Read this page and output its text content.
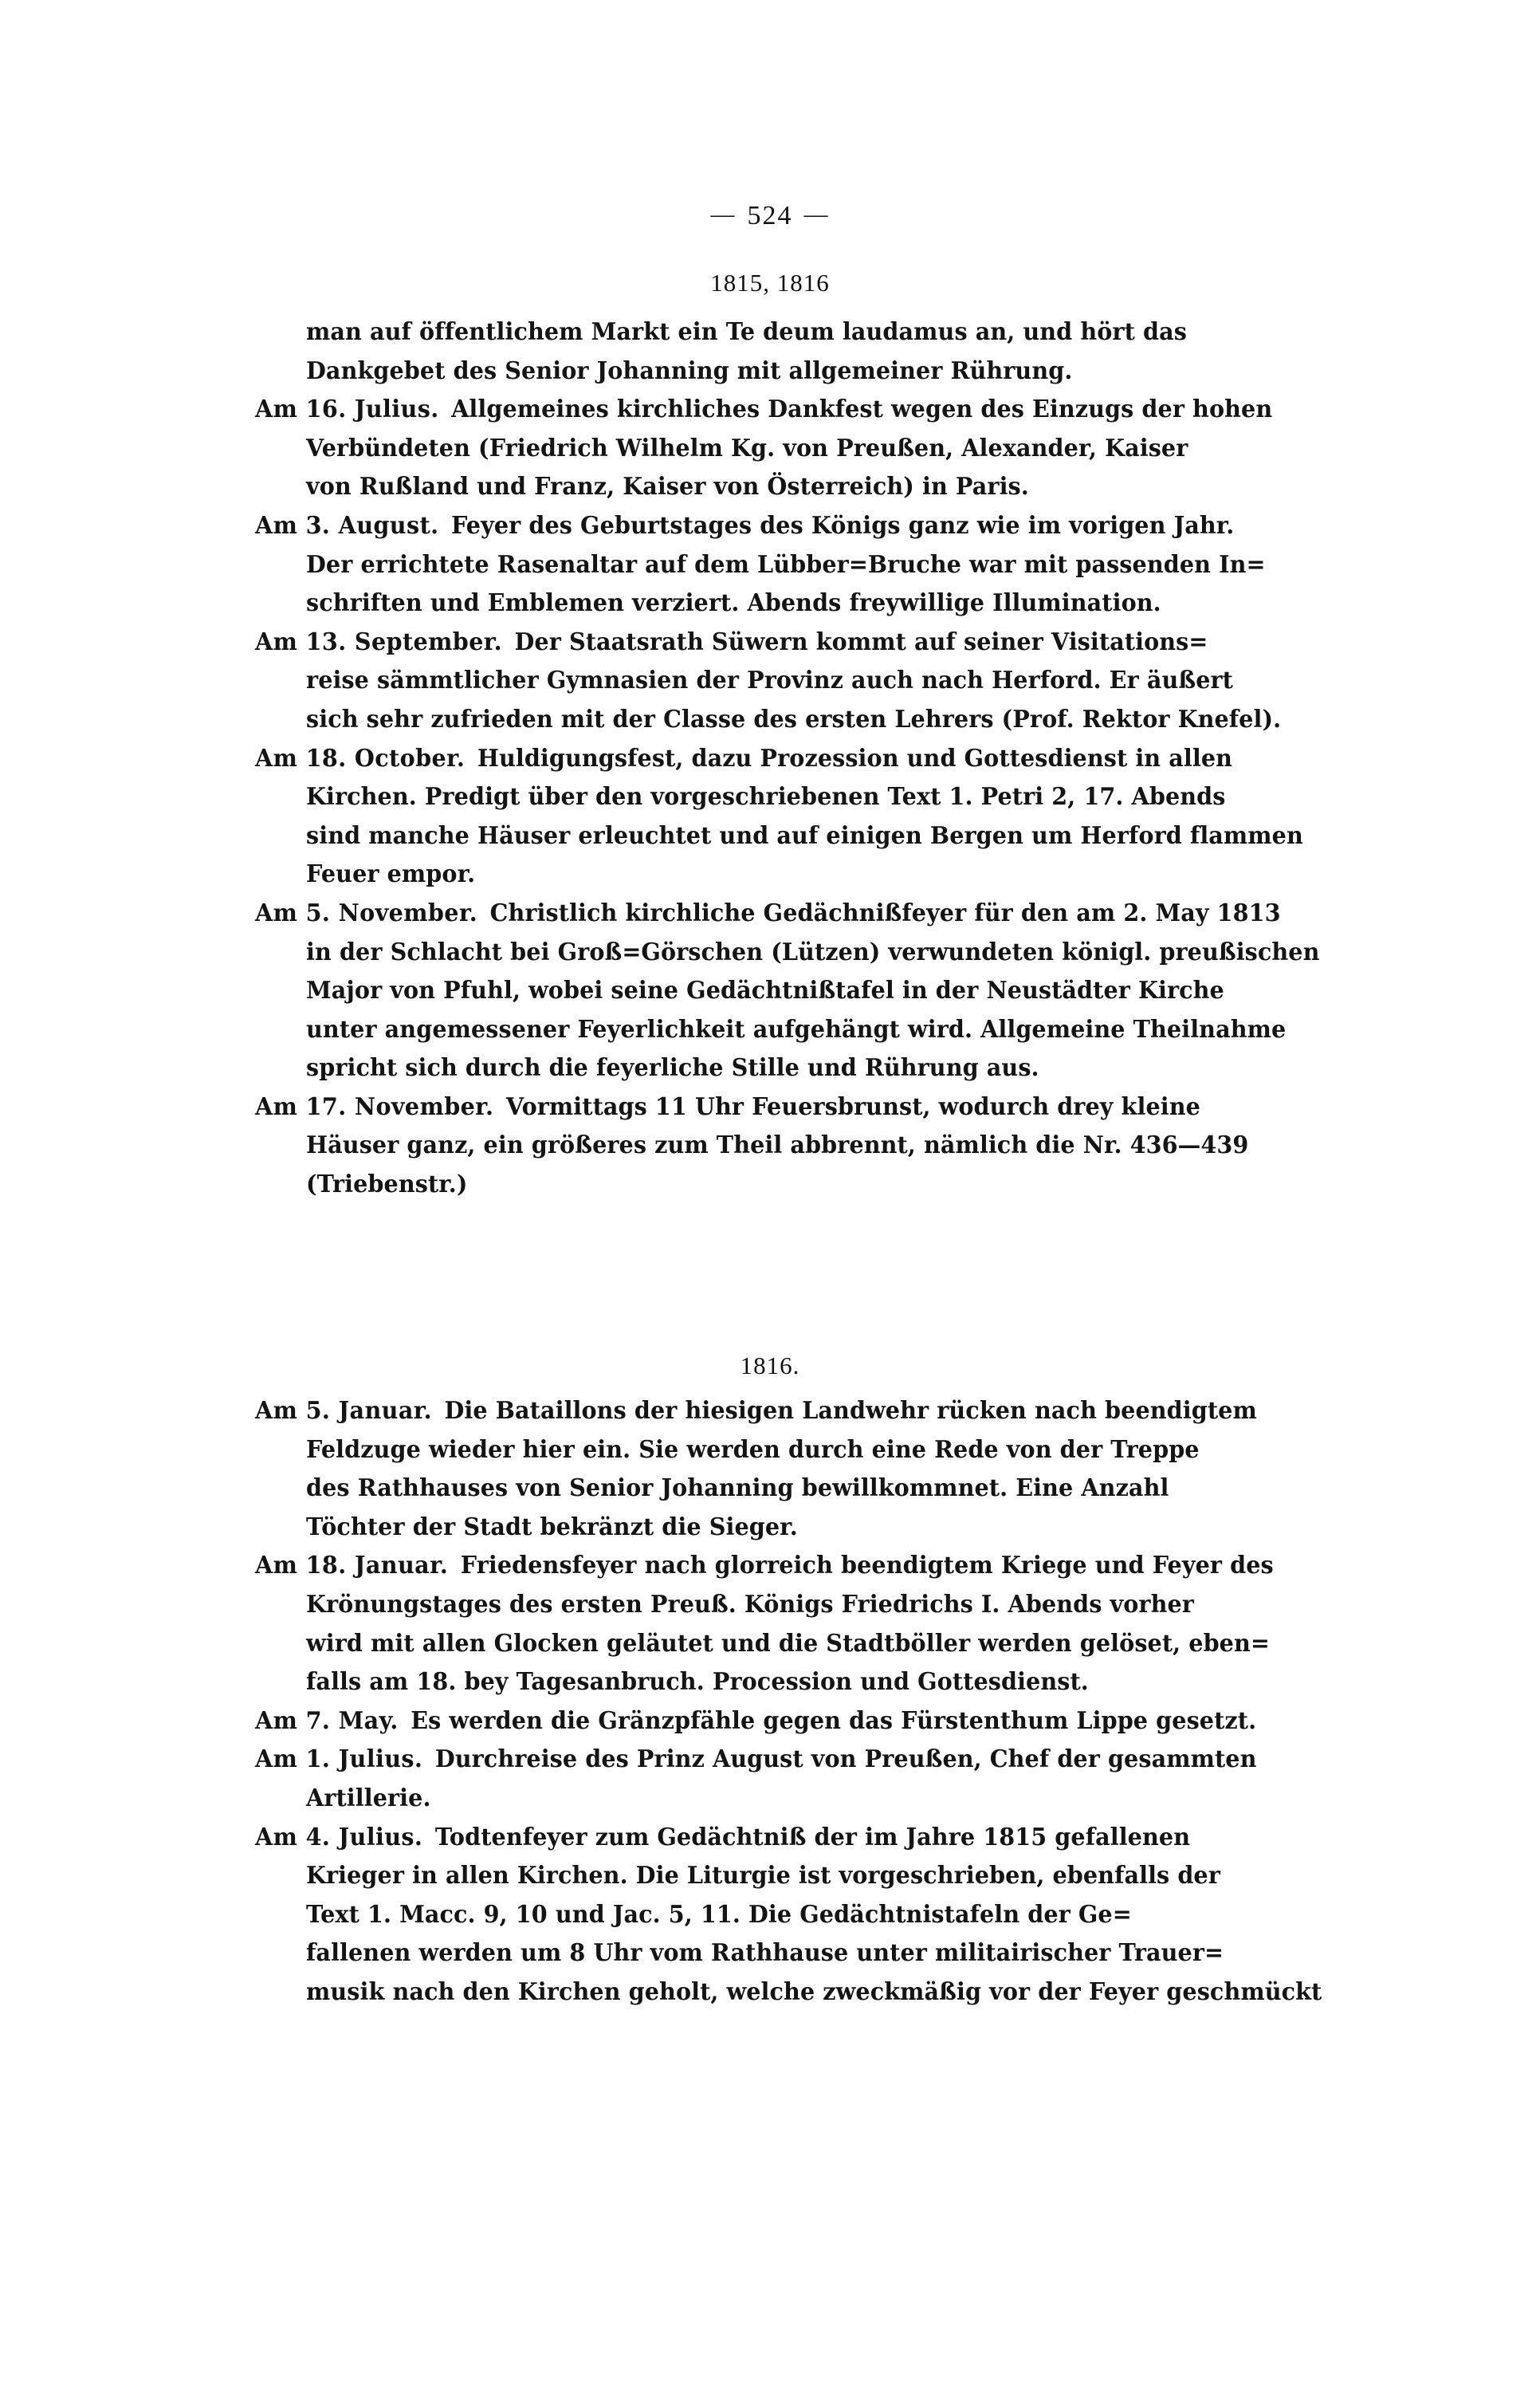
— 524 —
1815, 1816
man auf öffentlichem Markt ein Te deum laudamus an, und hört das
Dankgebet des Senior Johanning mit allgemeiner Rührung.
Am 16. Julius. Allgemeines kirchliches Dankfest wegen des Einzugs der hohen
Verbündeten (Friedrich Wilhelm Kg. von Preußen, Alexander, Kaiser
von Rußland und Franz, Kaiser von Österreich) in Paris.
Am 3. August. Feyer des Geburtstages des Königs ganz wie im vorigen Jahr.
Der errichtete Rasenaltar auf dem Lübber=Bruche war mit passenden In=
schriften und Emblemen verziert. Abends freywillige Illumination.
Am 13. September. Der Staatsrath Süwern kommt auf seiner Visitations=
reise sämmtlicher Gymnasien der Provinz auch nach Herford. Er äußert
sich sehr zufrieden mit der Classe des ersten Lehrers (Prof. Rektor Knefel).
Am 18. October. Huldigungsfest, dazu Prozession und Gottesdienst in allen
Kirchen. Predigt über den vorgeschriebenen Text 1. Petri 2, 17. Abends
sind manche Häuser erleuchtet und auf einigen Bergen um Herford flammen
Feuer empor.
Am 5. November. Christlich kirchliche Gedächnißfeyer für den am 2. May 1813
in der Schlacht bei Groß=Görschen (Lützen) verwundeten königl. preußischen
Major von Pfuhl, wobei seine Gedächtnißtafel in der Neustädter Kirche
unter angemessener Feyerlichkeit aufgehängt wird. Allgemeine Theilnahme
spricht sich durch die feyerliche Stille und Rührung aus.
Am 17. November. Vormittags 11 Uhr Feuersbrunst, wodurch drey kleine
Häuser ganz, ein größeres zum Theil abbrennt, nämlich die Nr. 436—439
(Triebenstr.)
1816.
Am 5. Januar. Die Bataillons der hiesigen Landwehr rücken nach beendigtem
Feldzuge wieder hier ein. Sie werden durch eine Rede von der Treppe
des Rathhauses von Senior Johanning bewillkommnet. Eine Anzahl
Töchter der Stadt bekränzt die Sieger.
Am 18. Januar. Friedensfeyer nach glorreich beendigtem Kriege und Feyer des
Krönungstages des ersten Preuß. Königs Friedrichs I. Abends vorher
wird mit allen Glocken geläutet und die Stadtböller werden gelöset, eben=
falls am 18. bey Tagesanbruch. Procession und Gottesdienst.
Am 7. May. Es werden die Gränzpfähle gegen das Fürstenthum Lippe gesetzt.
Am 1. Julius. Durchreise des Prinz August von Preußen, Chef der gesammten
Artillerie.
Am 4. Julius. Todtenfeyer zum Gedächtniß der im Jahre 1815 gefallenen
Krieger in allen Kirchen. Die Liturgie ist vorgeschrieben, ebenfalls der
Text 1. Macc. 9, 10 und Jac. 5, 11. Die Gedächtnistafeln der Ge=
fallenen werden um 8 Uhr vom Rathhause unter militairischer Trauer=
musik nach den Kirchen geholt, welche zweckmäßig vor der Feyer geschmückt
